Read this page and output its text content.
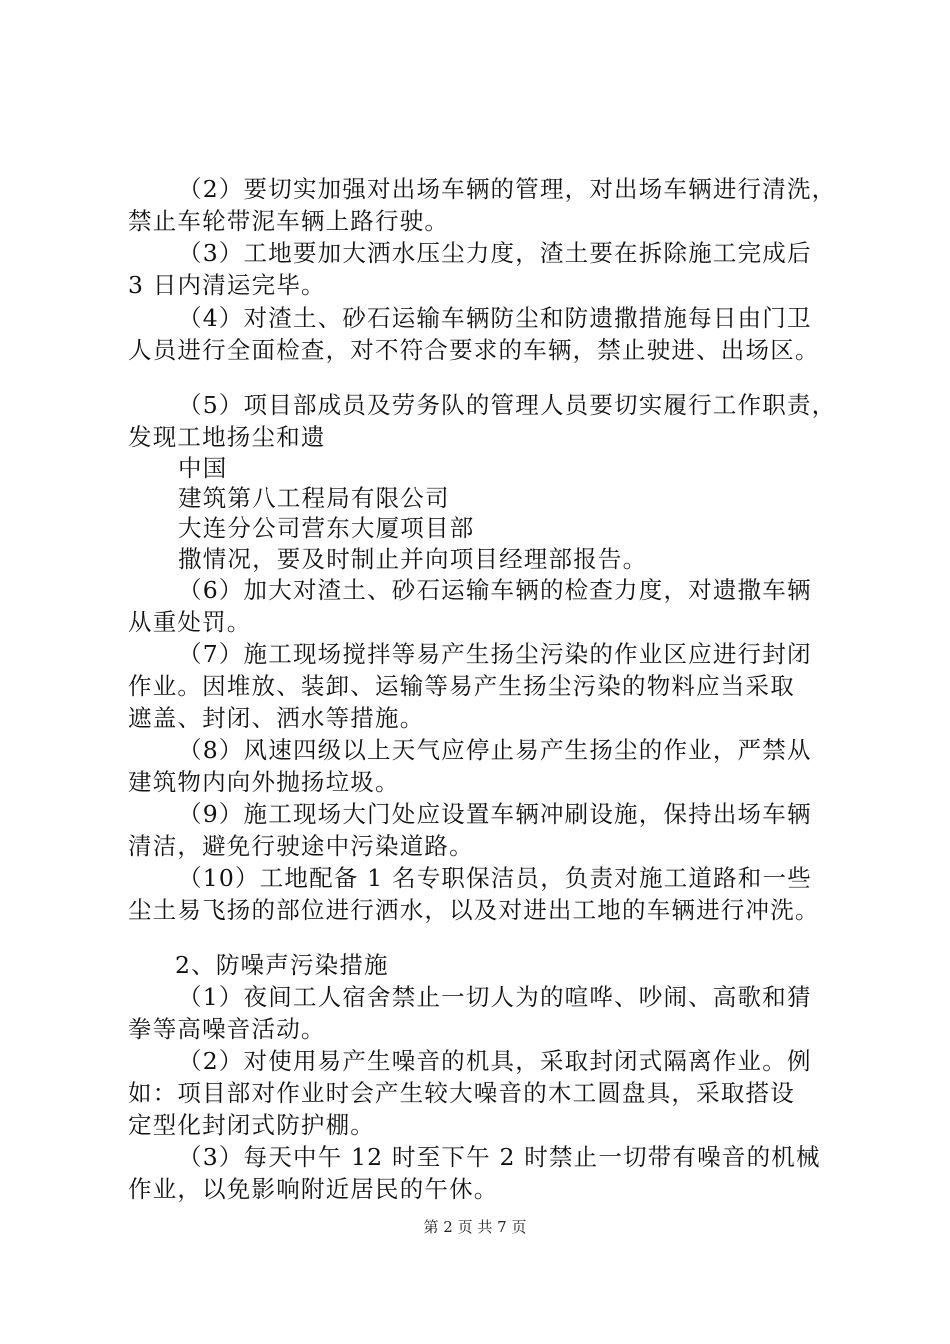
（2）要切实加强对出场车辆的管理，对出场车辆进行清洗，
禁止车轮带泥车辆上路行驶。
（3）工地要加大洒水压尘力度，渣土要在拆除施工完成后
3 日内清运完毕。
（4）对渣土、砂石运输车辆防尘和防遗撒措施每日由门卫
人员进行全面检查，对不符合要求的车辆，禁止驶进、出场区。
（5）项目部成员及劳务队的管理人员要切实履行工作职责，
发现工地扬尘和遗
中国
建筑第八工程局有限公司
大连分公司营东大厦项目部
撒情况，要及时制止并向项目经理部报告。
（6）加大对渣土、砂石运输车辆的检查力度，对遗撒车辆
从重处罚。
（7）施工现场搅拌等易产生扬尘污染的作业区应进行封闭
作业。因堆放、装卸、运输等易产生扬尘污染的物料应当采取
遮盖、封闭、洒水等措施。
（8）风速四级以上天气应停止易产生扬尘的作业，严禁从
建筑物内向外抛扬垃圾。
（9）施工现场大门处应设置车辆冲刷设施，保持出场车辆
清洁，避免行驶途中污染道路。
（10）工地配备 1 名专职保洁员，负责对施工道路和一些
尘土易飞扬的部位进行洒水，以及对进出工地的车辆进行冲洗。
2、防噪声污染措施
（1）夜间工人宿舍禁止一切人为的喧哗、吵闹、高歌和猜
拳等高噪音活动。
（2）对使用易产生噪音的机具，采取封闭式隔离作业。例
如：项目部对作业时会产生较大噪音的木工圆盘具，采取搭设
定型化封闭式防护棚。
（3）每天中午 12 时至下午 2 时禁止一切带有噪音的机械
作业，以免影响附近居民的午休。
第 2 页 共 7 页
